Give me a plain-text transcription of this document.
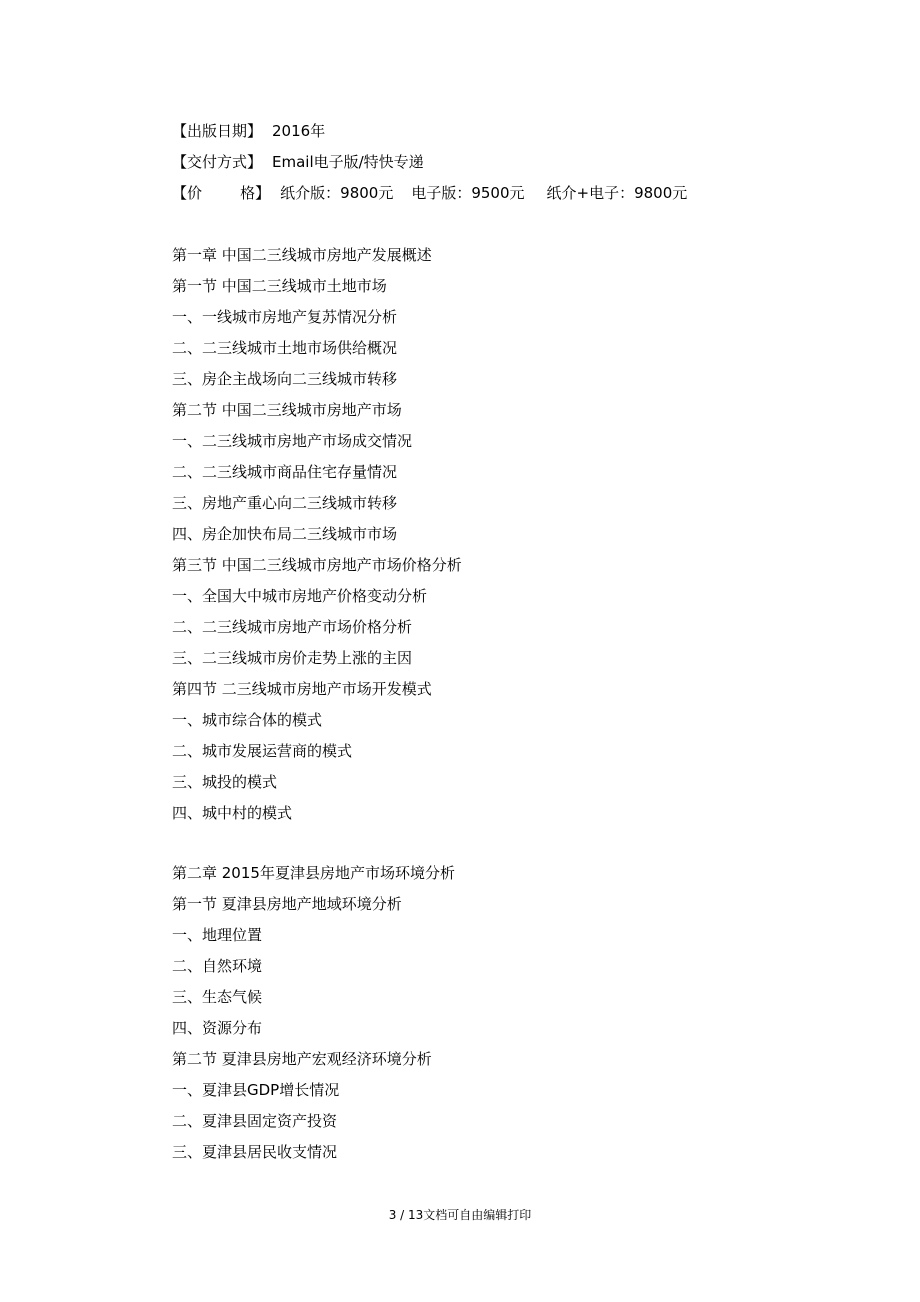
【出版日期】 2016年
【交付方式】 Email电子版/特快专递
【价        格】 纸介版：9800元 电子版：9500元 纸介+电子：9800元
第一章 中国二三线城市房地产发展概述
第一节 中国二三线城市土地市场
一、一线城市房地产复苏情况分析
二、二三线城市土地市场供给概况
三、房企主战场向二三线城市转移
第二节 中国二三线城市房地产市场
一、二三线城市房地产市场成交情况
二、二三线城市商品住宅存量情况
三、房地产重心向二三线城市转移
四、房企加快布局二三线城市市场
第三节 中国二三线城市房地产市场价格分析
一、全国大中城市房地产价格变动分析
二、二三线城市房地产市场价格分析
三、二三线城市房价走势上涨的主因
第四节 二三线城市房地产市场开发模式
一、城市综合体的模式
二、城市发展运营商的模式
三、城投的模式
四、城中村的模式
第二章 2015年夏津县房地产市场环境分析
第一节 夏津县房地产地域环境分析
一、地理位置
二、自然环境
三、生态气候
四、资源分布
第二节 夏津县房地产宏观经济环境分析
一、夏津县GDP增长情况
二、夏津县固定资产投资
三、夏津县居民收支情况
3 / 13文档可自由编辑打印
